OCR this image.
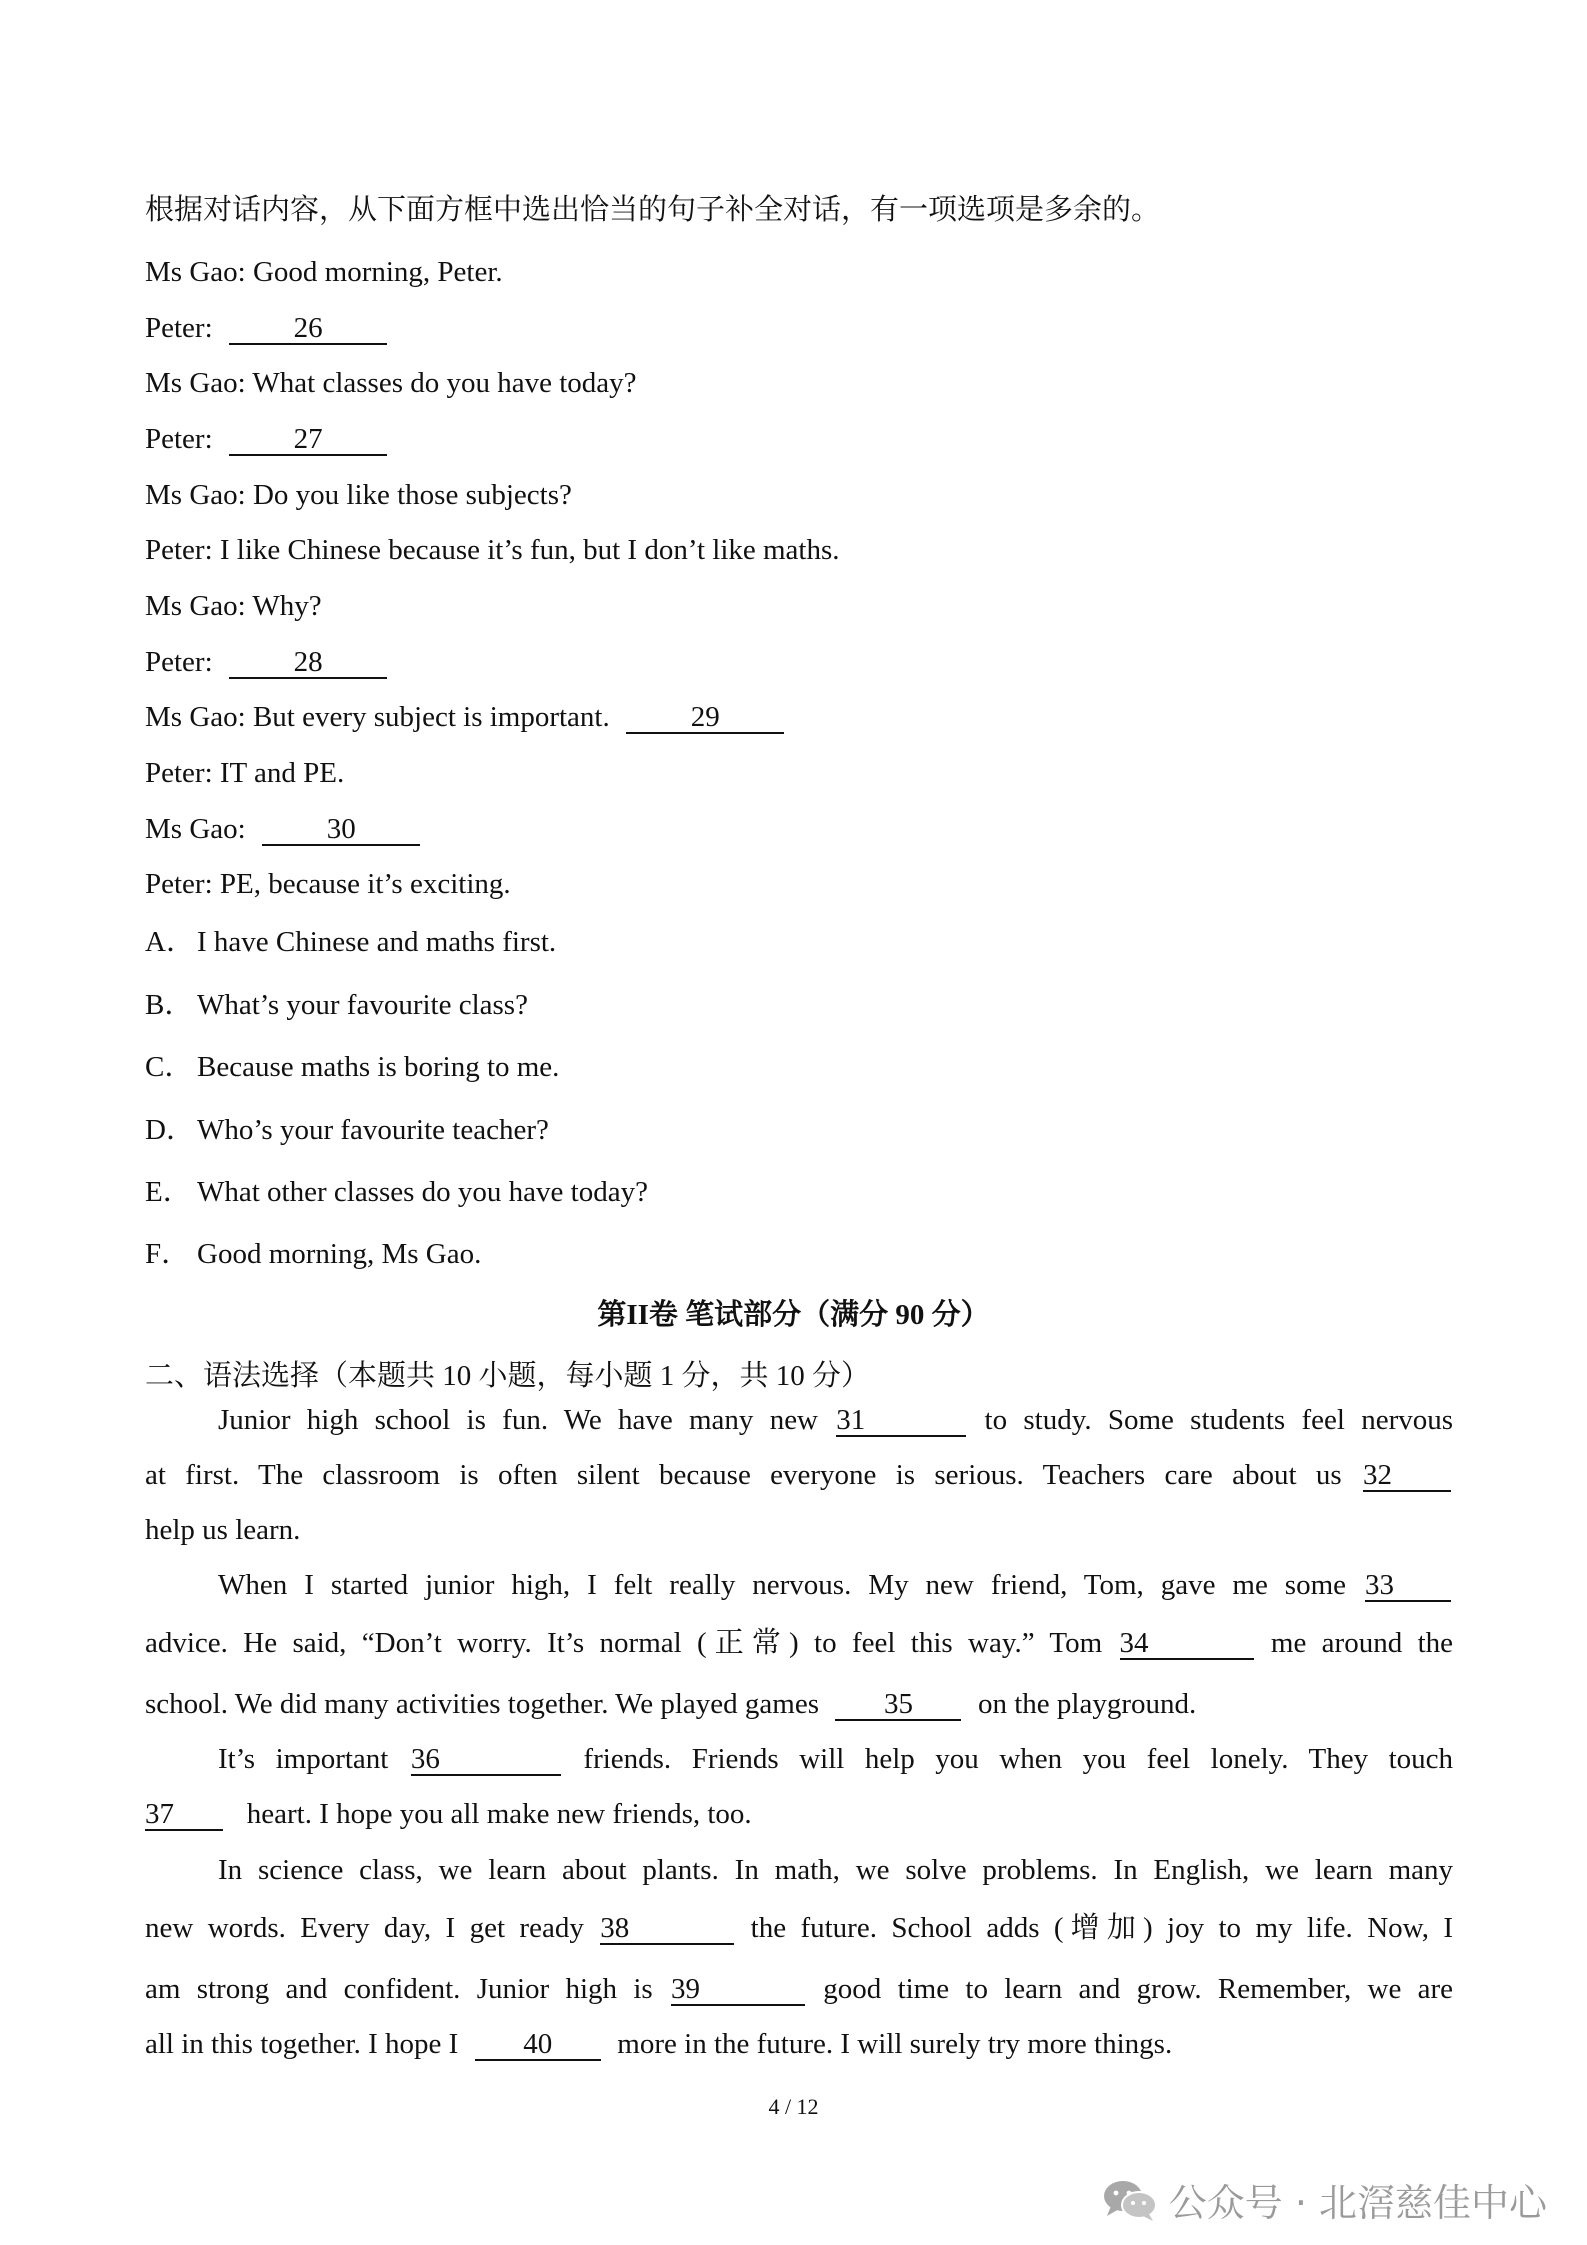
根据对话内容，从下面方框中选出恰当的句子补全对话，有一项选项是多余的。

Ms Gao: Good morning, Peter.

Peter:	26

Ms Gao: What classes do you have today?

Peter:	27

Ms Gao: Do you like those subjects?

Peter: I like Chinese because it’s fun, but I don’t like maths.

Ms Gao: Why?

Peter:	28

Ms Gao: But every subject is important.	29

Peter: IT and PE.

Ms Gao:	30

Peter: PE, because it’s exciting.

A．I have Chinese and maths first.

B． What’s your favourite class?

C． Because maths is boring to me.

D．Who’s your favourite teacher?

E． What other classes do you have today?

F． Good morning, Ms Gao.

第II卷 笔试部分（满分 90 分）

二、语法选择（本题共 10 小题，每小题 1 分，共 10 分）

Junior high school is fun. We have many new 31	to study. Some students feel nervous

at first. The classroom is often silent because everyone is serious. Teachers care about us 32

help us learn.

When I started junior high, I felt really nervous. My new friend, Tom, gave me some 33

advice. He said, “Don’t worry. It’s normal (正常) to feel this way.” Tom 34	me around the

school. We did many activities together. We played games 35 on the playground.

It’s important 36	friends. Friends will help you when you feel lonely. They touch

37	heart. I hope you all make new friends, too.

In science class, we learn about plants. In math, we solve problems. In English, we learn many

new words. Every day, I get ready 38	the future. School adds (增加) joy to my life. Now, I

am strong and confident. Junior high is 39	good time to learn and grow. Remember, we are

all in this together. I hope I 40 more in the future. I will surely try more things.

4 / 12

公众号 · 北滘慈佳中心
